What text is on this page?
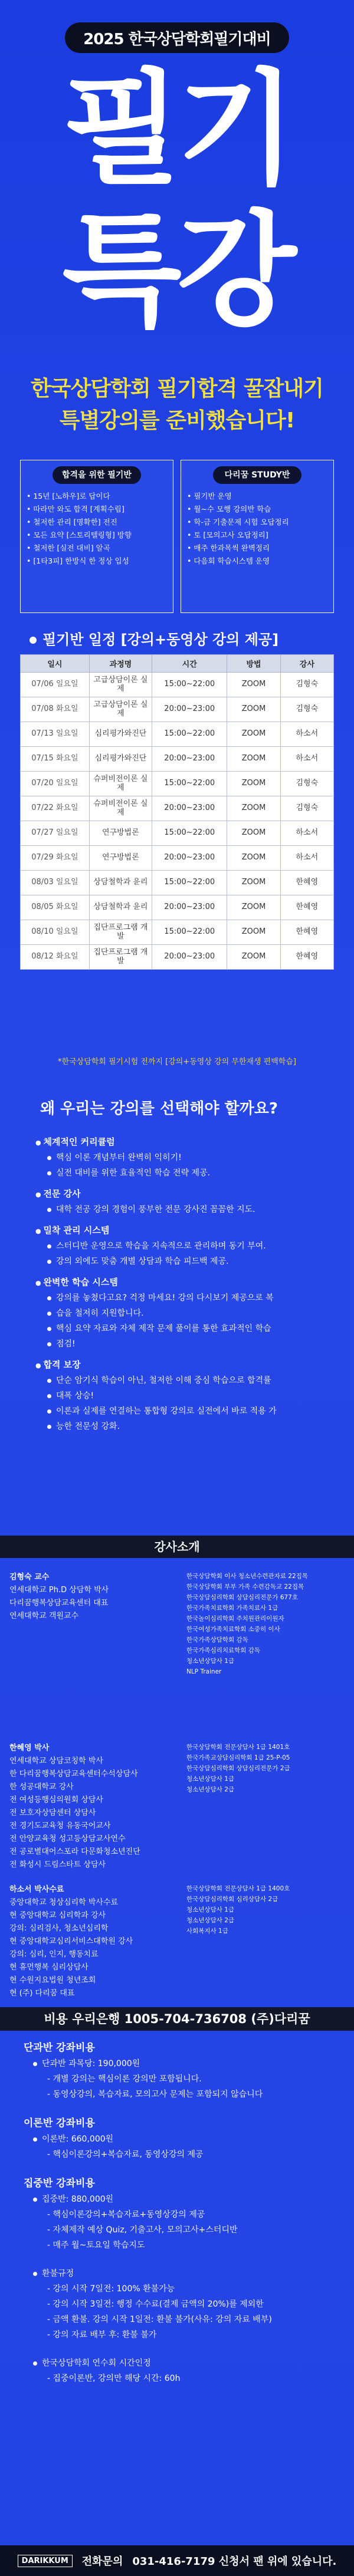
2025 한국상담학회필기대비
필기
특강
한국상담학회 필기합격 꿀잡내기
특별강의를 준비했습니다!
합격을 위한 필기반
• 15년 [노하우]로 답이다
• 따라만 와도 합격 [계획수립]
• 철저한 관리 [명확한] 전진
• 모든 요약 [스토리텔링형] 방향
• 철저한 [실전 대비] 알곡
• [1타3피] 한방식 한 정상 입성
다리꿈 STUDY반
• 필기반 운영
• 월~수 모행 강의반 학습
• 학-금 기출문제 시험 오답정리
• 토 [모의고사 오답정리]
• 매주 한과목씩 완벽정리
• 다음회 학습시스템 운영
필기반 일정 [강의+동영상 강의 제공]
일시	과정명	시간	방법	강사
07/06 일요일	고급상담이론 실제	15:00~22:00	ZOOM	김형숙
07/08 화요일	고급상담이론 실제	20:00~23:00	ZOOM	김형숙
07/13 일요일	심리평가와진단	15:00~22:00	ZOOM	하소서
07/15 화요일	심리평가와진단	20:00~23:00	ZOOM	하소서
07/20 일요일	슈퍼비전이론 실제	15:00~22:00	ZOOM	김형숙
07/22 화요일	슈퍼비전이론 실제	20:00~23:00	ZOOM	김형숙
07/27 일요일	연구방법론	15:00~22:00	ZOOM	하소서
07/29 화요일	연구방법론	20:00~23:00	ZOOM	하소서
08/03 일요일	상담철학과 윤리	15:00~22:00	ZOOM	한혜영
08/05 화요일	상담철학과 윤리	20:00~23:00	ZOOM	한혜영
08/10 일요일	집단프로그램 개발	15:00~22:00	ZOOM	한혜영
08/12 화요일	집단프로그램 개발	20:00~23:00	ZOOM	한혜영
*한국상담학회 필기시험 전까지 [강의+동영상 강의 무한재생 편백학습]
왜 우리는 강의를 선택해야 할까요?
● 체계적인 커리큘럼
핵심 이론 개념부터 완벽히 익히기!
실전 대비를 위한 효율적인 학습 전략 제공.
● 전문 강사
대학 전공 강의 경험이 풍부한 전문 강사진 꼼꼼한 지도.
● 밀착 관리 시스템
스터디반 운영으로 학습을 지속적으로 관리하며 동기 부여.
강의 외에도 맞춤 개별 상담과 학습 피드백 제공.
● 완벽한 학습 시스템
강의를 놓쳤다고요? 걱정 마세요! 강의 다시보기 제공으로 복
습을 철저히 지원합니다.
핵심 요약 자료와 자체 제작 문제 풀이를 통한 효과적인 학습
점검!
● 합격 보장
단순 암기식 학습이 아닌, 철저한 이해 중심 학습으로 합격률
대폭 상승!
이론과 실제를 연결하는 통합형 강의로 실전에서 바로 적용 가
능한 전문성 강화.
강사소개
김형숙 교수
연세대학교 Ph.D 상담학 박사
다리꿈행복상담교육센터 대표
연세대학교 객원교수
한국상담학회 이사 청소년수련관자료 22집목
한국상담학회 부부 가족 수련감독교 22집목
한국상담심리학회 상담심리전문가 677호
한국가족치료학회 가족치료사 1급
한국놀이심리학회 주치원관리이원자
한국여성가족치료학회 소중히 이사
한국가족상담학회 감독
한국가족심리치료학회 감독
청소년상담사 1급
NLP Trainer
한혜영 박사
연세대학교 상담코칭학 박사
한 다리꿈행복상담교육센터수석상담사
한 성공대학교 강사
전 여성등행심의원회 상담사
전 보호자상담센터 상담사
전 경기도교육청 유동국어교사
전 안양교육청 성고등상담교사연수
전 공로별대어스포라 다문화청소년진단
전 화성시 드림스타트 상담사
한국상담학회 전문상담사 1급 1401호
한국가족교상담심리학회 1급 25-P-05
한국상담심리학회 상담심리전문가 2급
청소년상담사 1급
청소년상담사 2급
하소서 박사수료
중앙대학교 청상심리학 박사수료
현 중앙대학교 심리학과 강사
강의: 심리검사, 청소년심리학
현 중앙대학교심리서비스대학원 강사
강의: 심리, 인지, 행동치료
현 휴먼행복 심리상담사
현 수원지요법원 청년조회
현 (주) 다리꿈 대표
한국상담학회 전문상담사 1급 1400호
한국상담심리학회 심리상담사 2급
청소년상담사 1급
청소년상담사 2급
사회복지사 1급
비용 우리은행 1005-704-736708 (주)다리꿈
단과반 강좌비용
단과반 과목당: 190,000원
- 개별 강의는 핵심이론 강의만 포함됩니다.
- 동영상강의, 복습자료, 모의고사 문제는 포함되지 않습니다
이론반 강좌비용
이론반: 660,000원
- 핵심이론강의+복습자료, 동영상강의 제공
집중반 강좌비용
집중반: 880,000원
- 핵심이론강의+복습자료+동영상강의 제공
- 자체제작 예상 Quiz, 기출고사, 모의고사+스터디반
- 매주 월~토요일 학습지도
환불규정
- 강의 시작 7일전: 100% 환불가능
- 강의 시작 3일전: 행정 수수료(결제 금액의 20%)를 제외한
- 금액 환불. 강의 시작 1일전: 환불 불가(사유: 강의 자료 배부)
- 강의 자료 배부 후: 환불 불가
한국상담학회 연수회 시간인정
- 집중이론반, 강의만 해당 시간: 60h
DARIKKUM	전화문의 031-416-7179 신청서 팬 위에 있습니다.
